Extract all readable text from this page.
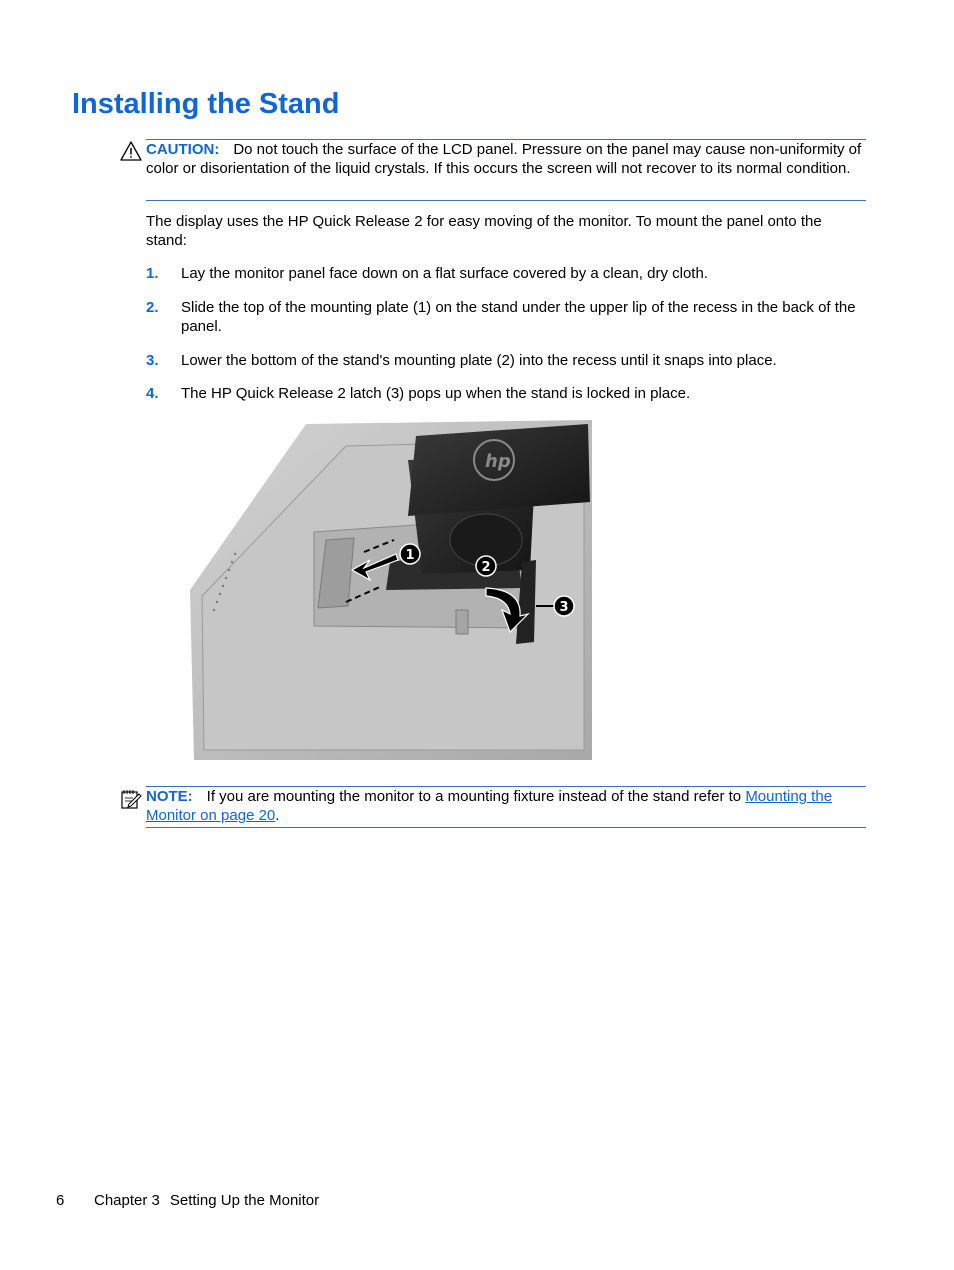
Installing the Stand
CAUTION: Do not touch the surface of the LCD panel. Pressure on the panel may cause non-uniformity of color or disorientation of the liquid crystals. If this occurs the screen will not recover to its normal condition.

The display uses the HP Quick Release 2 for easy moving of the monitor. To mount the panel onto the stand:

1. Lay the monitor panel face down on a flat surface covered by a clean, dry cloth.
2. Slide the top of the mounting plate (1) on the stand under the upper lip of the recess in the back of the panel.
3. Lower the bottom of the stand's mounting plate (2) into the recess until it snaps into place.
4. The HP Quick Release 2 latch (3) pops up when the stand is locked in place.
hp
1
2
3
NOTE: If you are mounting the monitor to a mounting fixture instead of the stand refer to Mounting the Monitor on page 20.
6 Chapter 3 Setting Up the Monitor
